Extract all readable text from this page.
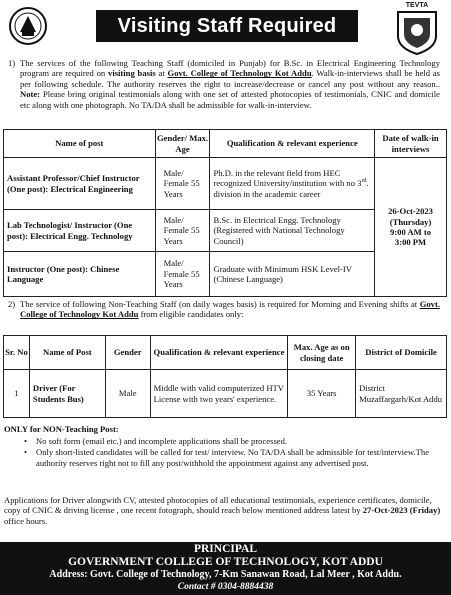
Visiting Staff Required
TEVTA
1) The services of the following Teaching Staff (domiciled in Punjab) for B.Sc. in Electrical Engineering Technology program are required on visiting basis at Govt. College of Technology Kot Addu. Walk-in-interviews shall be held as per following schedule. The authority reserves the right to increase/decrease or cancel any post without any reason.. Note: Please bring original testimonials along with one set of attested photocopies of testimonials, CNIC and domicile etc along with one photograph. No TA/DA shall be admissible for walk-in-interview.

Name of post	Gender/ Max. Age	Qualification & relevant experience	Date of walk-in interviews
Assistant Professor/Chief Instructor (One post): Electrical Engineering	Male/ Female 55 Years	Ph.D. in the relevant field from HEC recognized University/institution with no 3rd. division in the academic career	26-Oct-2023
(Thursday)
9:00 AM to
3:00 PM

Lab Technologist/ Instructor (One post): Electrical Engg. Technology	Male/ Female 55 Years	B.Sc. in Electrical Engg. Technology (Registered with National Technology Council)	
Instructor (One post): Chinese Language	Male/ Female 55 Years	Graduate with Minimum HSK Level-IV (Chinese Language)	
2) The service of following Non-Teaching Staff (on daily wages basis) is required for Morning and Evening shifts at Govt. College of Technology Kot Addu from eligible candidates only:

Sr. No	Name of Post	Gender	Qualification & relevant experience	Max. Age as on closing date	District of Domicile
1	Driver (For Students Bus)	Male	Middle with valid computerized HTV License with two years' experience.	35 Years	District Muzaffargarh/Kot Addu
ONLY for NON-Teaching Post:
• No soft form (email etc.) and incomplete applications shall be processed.
• Only short-listed candidates will be called for test/ interview. No TA/DA shall be admissible for test/interview.The authority reserves right not to fill any post/withhold the appointment against any advertised post.
Applications for Driver alongwith CV, attested photocopies of all educational testimonials, experience certificates, domicile, copy of CNIC & driving license , one recent fotograph, should reach below mentioned address latest by 27-Oct-2023 (Friday) office hours.
PRINCIPAL
GOVERNMENT COLLEGE OF TECHNOLOGY, KOT ADDU
Address: Govt. College of Technology, 7-Km Sanawan Road, Lal Meer , Kot Addu.
Contact # 0304-8884438
